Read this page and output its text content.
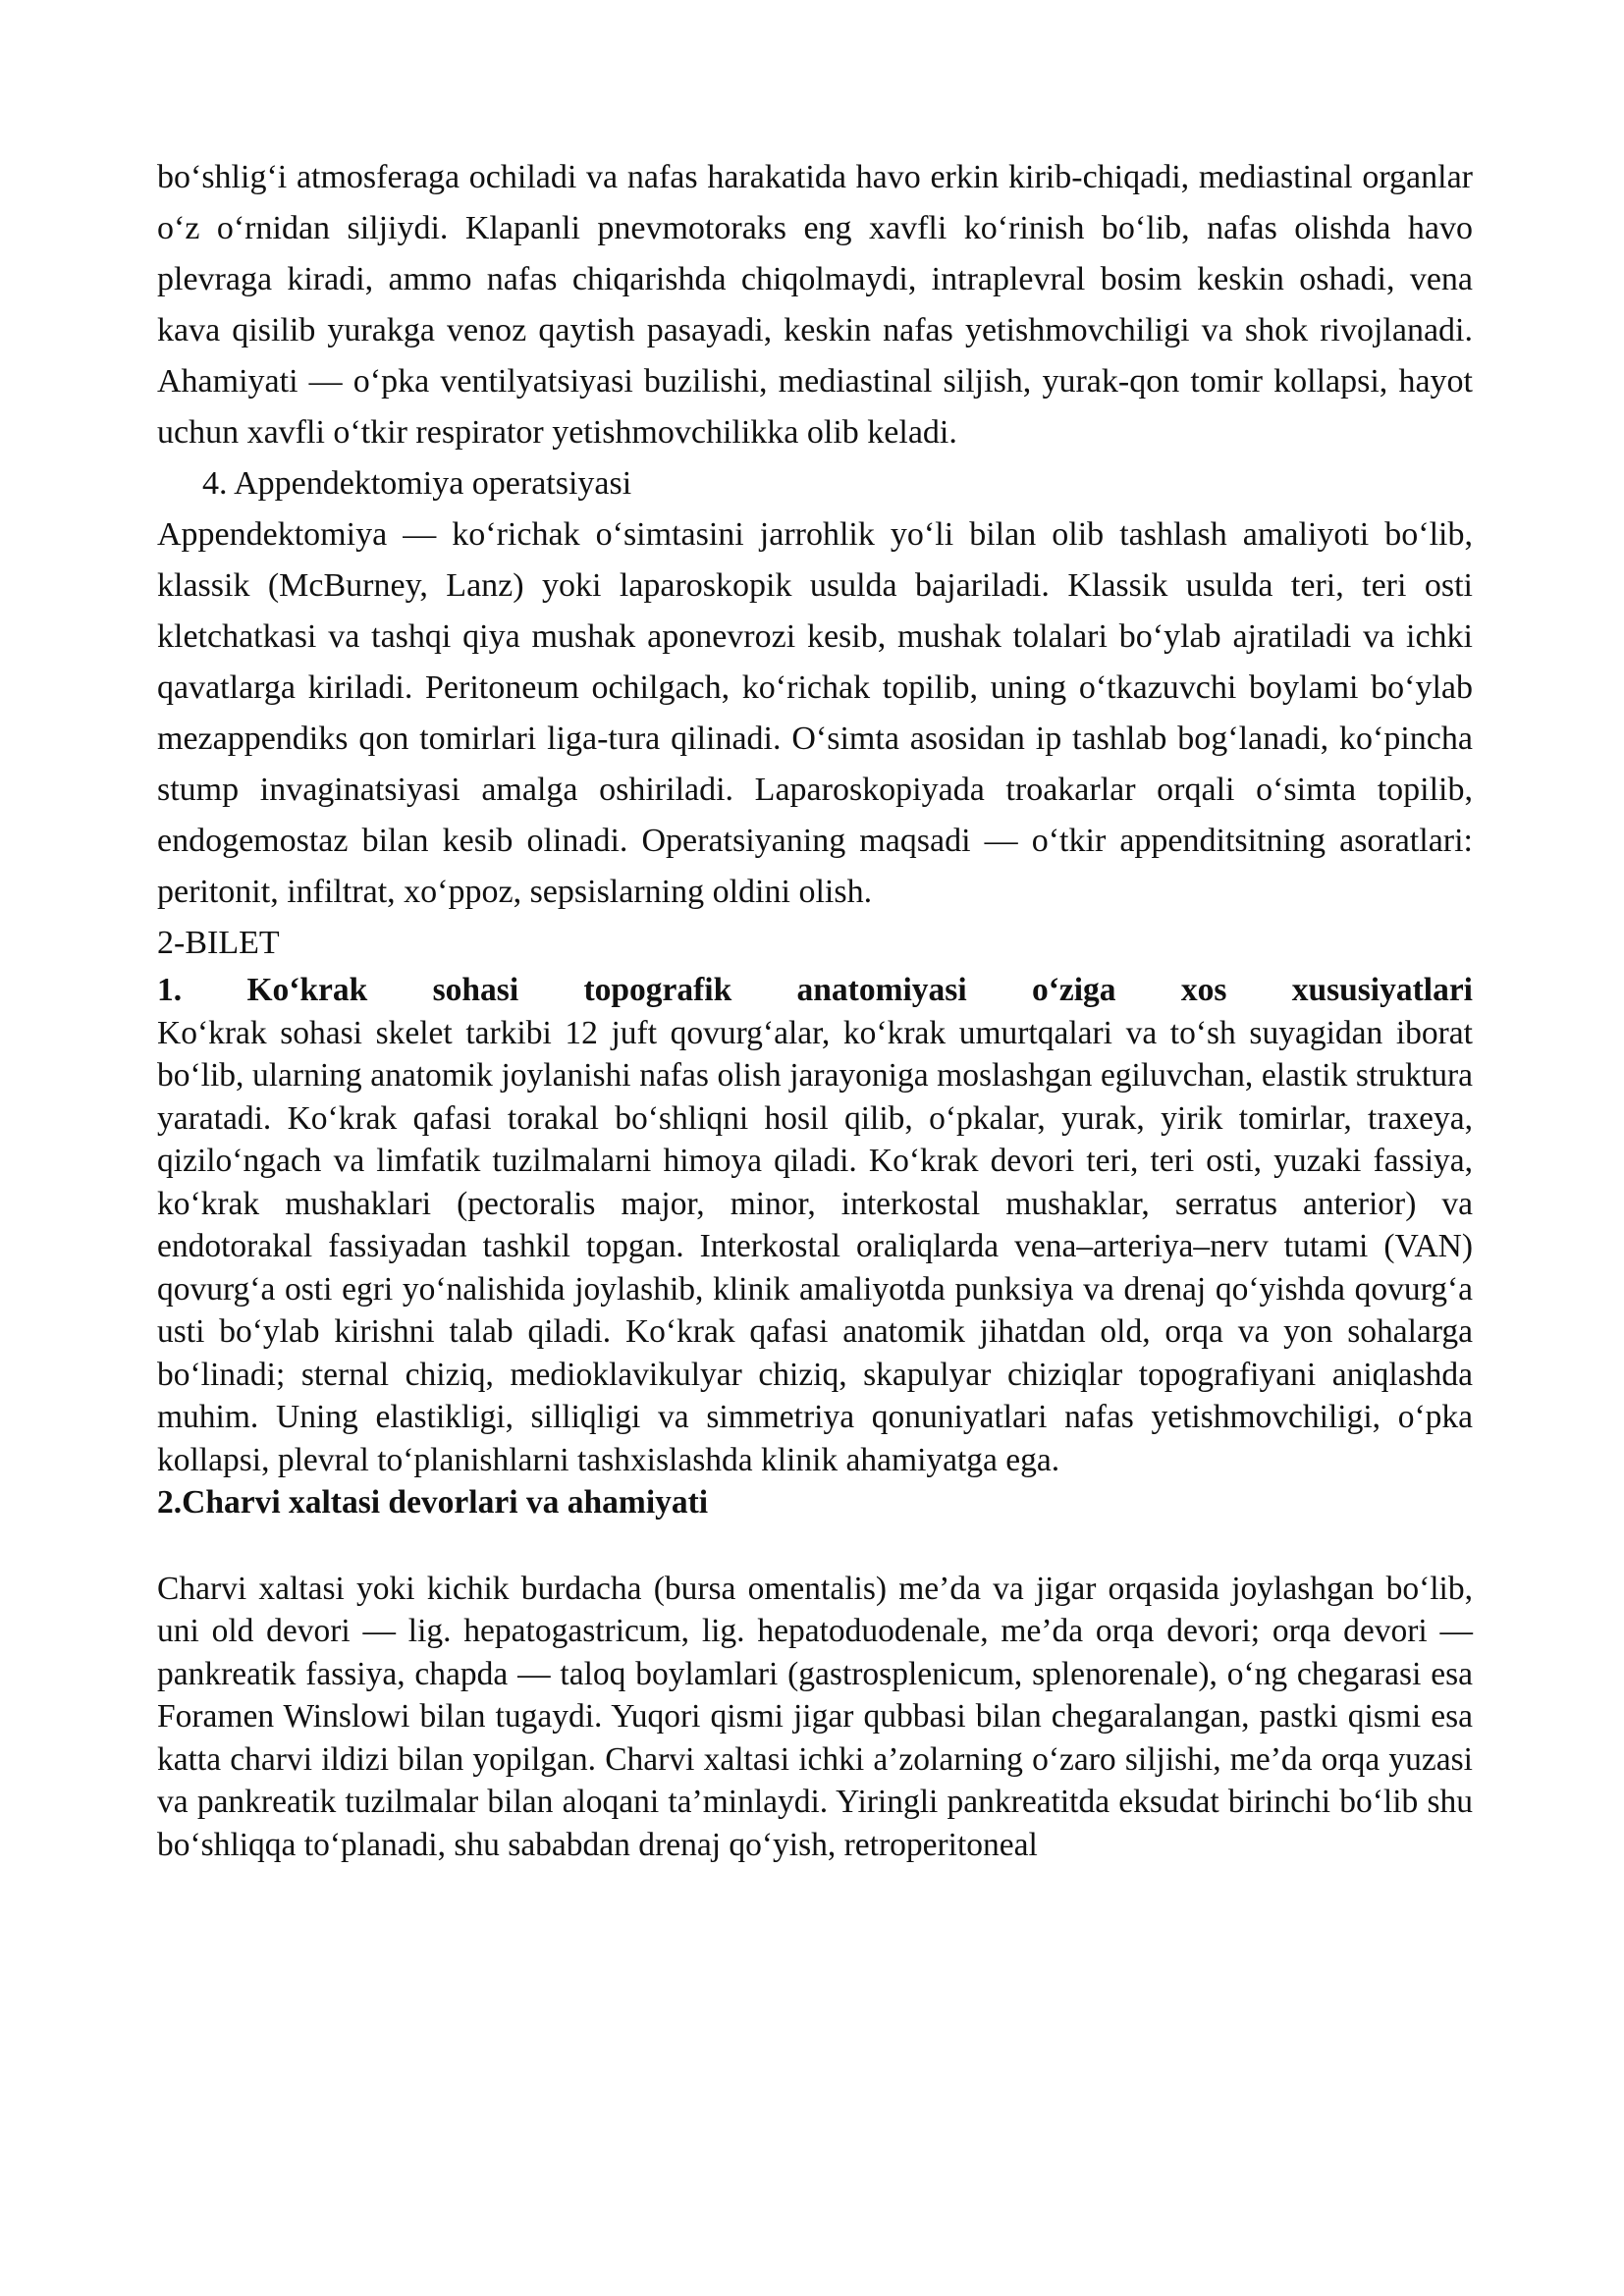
bo‘shlig‘i atmosferaga ochiladi va nafas harakatida havo erkin kirib-chiqadi, mediastinal organlar o‘z o‘rnidan siljiydi. Klapanli pnevmotoraks eng xavfli ko‘rinish bo‘lib, nafas olishda havo plevraga kiradi, ammo nafas chiqarishda chiqolmaydi, intraplevral bosim keskin oshadi, vena kava qisilib yurakga venoz qaytish pasayadi, keskin nafas yetishmovchiligi va shok rivojlanadi. Ahamiyati — o‘pka ventilyatsiyasi buzilishi, mediastinal siljish, yurak-qon tomir kollapsi, hayot uchun xavfli o‘tkir respirator yetishmovchilikka olib keladi.

4. Appendektomiya operatsiyasi

Appendektomiya — ko‘richak o‘simtasini jarrohlik yo‘li bilan olib tashlash amaliyoti bo‘lib, klassik (McBurney, Lanz) yoki laparoskopik usulda bajariladi. Klassik usulda teri, teri osti kletchatkasi va tashqi qiya mushak aponevrozi kesib, mushak tolalari bo‘ylab ajratiladi va ichki qavatlarga kiriladi. Peritoneum ochilgach, ko‘richak topilib, uning o‘tkazuvchi boylami bo‘ylab mezappendiks qon tomirlari liga-tura qilinadi. O‘simta asosidan ip tashlab bog‘lanadi, ko‘pincha stump invaginatsiyasi amalga oshiriladi. Laparoskopiyada troakarlar orqali o‘simta topilib, endogemostaz bilan kesib olinadi. Operatsiyaning maqsadi — o‘tkir appenditsitning asoratlari: peritonit, infiltrat, xo‘ppoz, sepsislarning oldini olish.

2-BILET

1. Ko‘krak sohasi topografik anatomiyasi o‘ziga xos xususiyatlari

Ko‘krak sohasi skelet tarkibi 12 juft qovurg‘alar, ko‘krak umurtqalari va to‘sh suyagidan iborat bo‘lib, ularning anatomik joylanishi nafas olish jarayoniga moslashgan egiluvchan, elastik struktura yaratadi. Ko‘krak qafasi torakal bo‘shliqni hosil qilib, o‘pkalar, yurak, yirik tomirlar, traxeya, qizilo‘ngach va limfatik tuzilmalarni himoya qiladi. Ko‘krak devori teri, teri osti, yuzaki fassiya, ko‘krak mushaklari (pectoralis major, minor, interkostal mushaklar, serratus anterior) va endotorakal fassiyadan tashkil topgan. Interkostal oraliqlarda vena–arteriya–nerv tutami (VAN) qovurg‘a osti egri yo‘nalishida joylashib, klinik amaliyotda punksiya va drenaj qo‘yishda qovurg‘a usti bo‘ylab kirishni talab qiladi. Ko‘krak qafasi anatomik jihatdan old, orqa va yon sohalarga bo‘linadi; sternal chiziq, medioklavikulyar chiziq, skapulyar chiziqlar topografiyani aniqlashda muhim. Uning elastikligi, silliqligi va simmetriya qonuniyatlari nafas yetishmovchiligi, o‘pka kollapsi, plevral to‘planishlarni tashxislashda klinik ahamiyatga ega.

2.Charvi xaltasi devorlari va ahamiyati

Charvi xaltasi yoki kichik burdacha (bursa omentalis) me’da va jigar orqasida joylashgan bo‘lib, uni old devori — lig. hepatogastricum, lig. hepatoduodenale, me’da orqa devori; orqa devori — pankreatik fassiya, chapda — taloq boylamlari (gastrosplenicum, splenorenale), o‘ng chegarasi esa Foramen Winslowi bilan tugaydi. Yuqori qismi jigar qubbasi bilan chegaralangan, pastki qismi esa katta charvi ildizi bilan yopilgan. Charvi xaltasi ichki a’zolarning o‘zaro siljishi, me’da orqa yuzasi va pankreatik tuzilmalar bilan aloqani ta’minlaydi. Yiringli pankreatitda eksudat birinchi bo‘lib shu bo‘shliqqa to‘planadi, shu sababdan drenaj qo‘yish, retroperitoneal
